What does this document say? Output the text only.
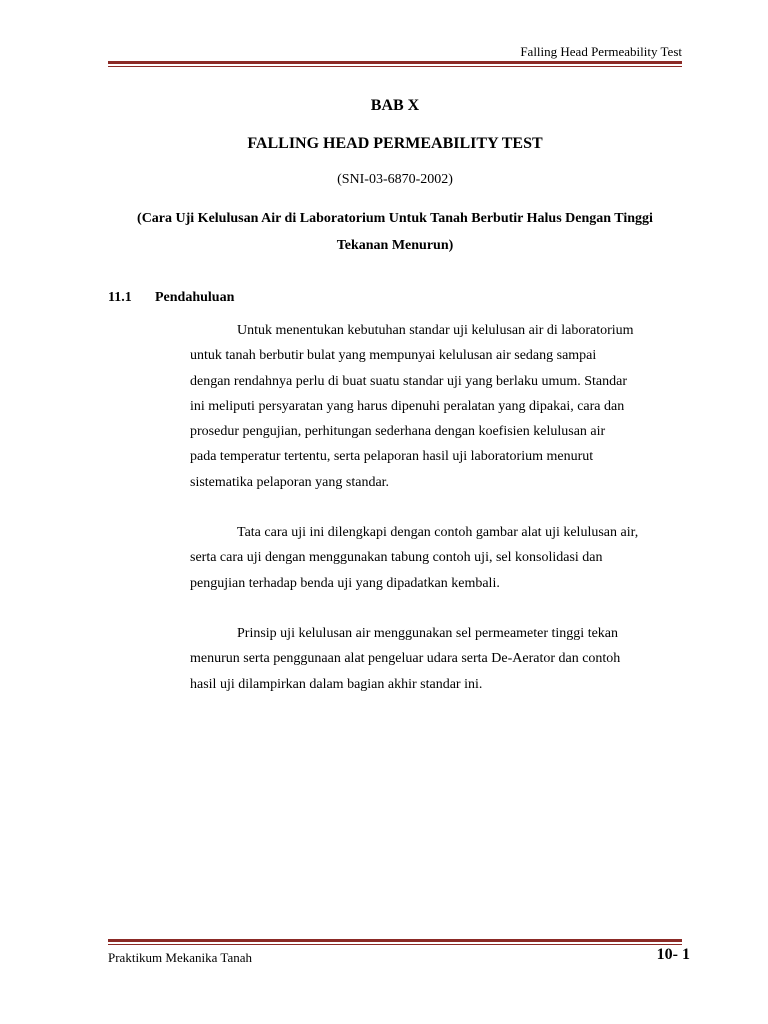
Falling Head Permeability Test
BAB X
FALLING HEAD PERMEABILITY TEST
(SNI-03-6870-2002)
(Cara Uji Kelulusan Air di Laboratorium Untuk Tanah Berbutir Halus Dengan Tinggi
Tekanan Menurun)
11.1 Pendahuluan

Untuk menentukan kebutuhan standar uji kelulusan air di laboratorium
untuk tanah berbutir bulat yang mempunyai kelulusan air sedang sampai
dengan rendahnya perlu di buat suatu standar uji yang berlaku umum. Standar
ini meliputi persyaratan yang harus dipenuhi peralatan yang dipakai, cara dan
prosedur pengujian, perhitungan sederhana dengan koefisien kelulusan air
pada temperatur tertentu, serta pelaporan hasil uji laboratorium menurut
sistematika pelaporan yang standar.

Tata cara uji ini dilengkapi dengan contoh gambar alat uji kelulusan air,
serta cara uji dengan menggunakan tabung contoh uji, sel konsolidasi dan
pengujian terhadap benda uji yang dipadatkan kembali.

Prinsip uji kelulusan air menggunakan sel permeameter tinggi tekan
menurun serta penggunaan alat pengeluar udara serta De-Aerator dan contoh
hasil uji dilampirkan dalam bagian akhir standar ini.

Praktikum Mekanika Tanah	10- 1
